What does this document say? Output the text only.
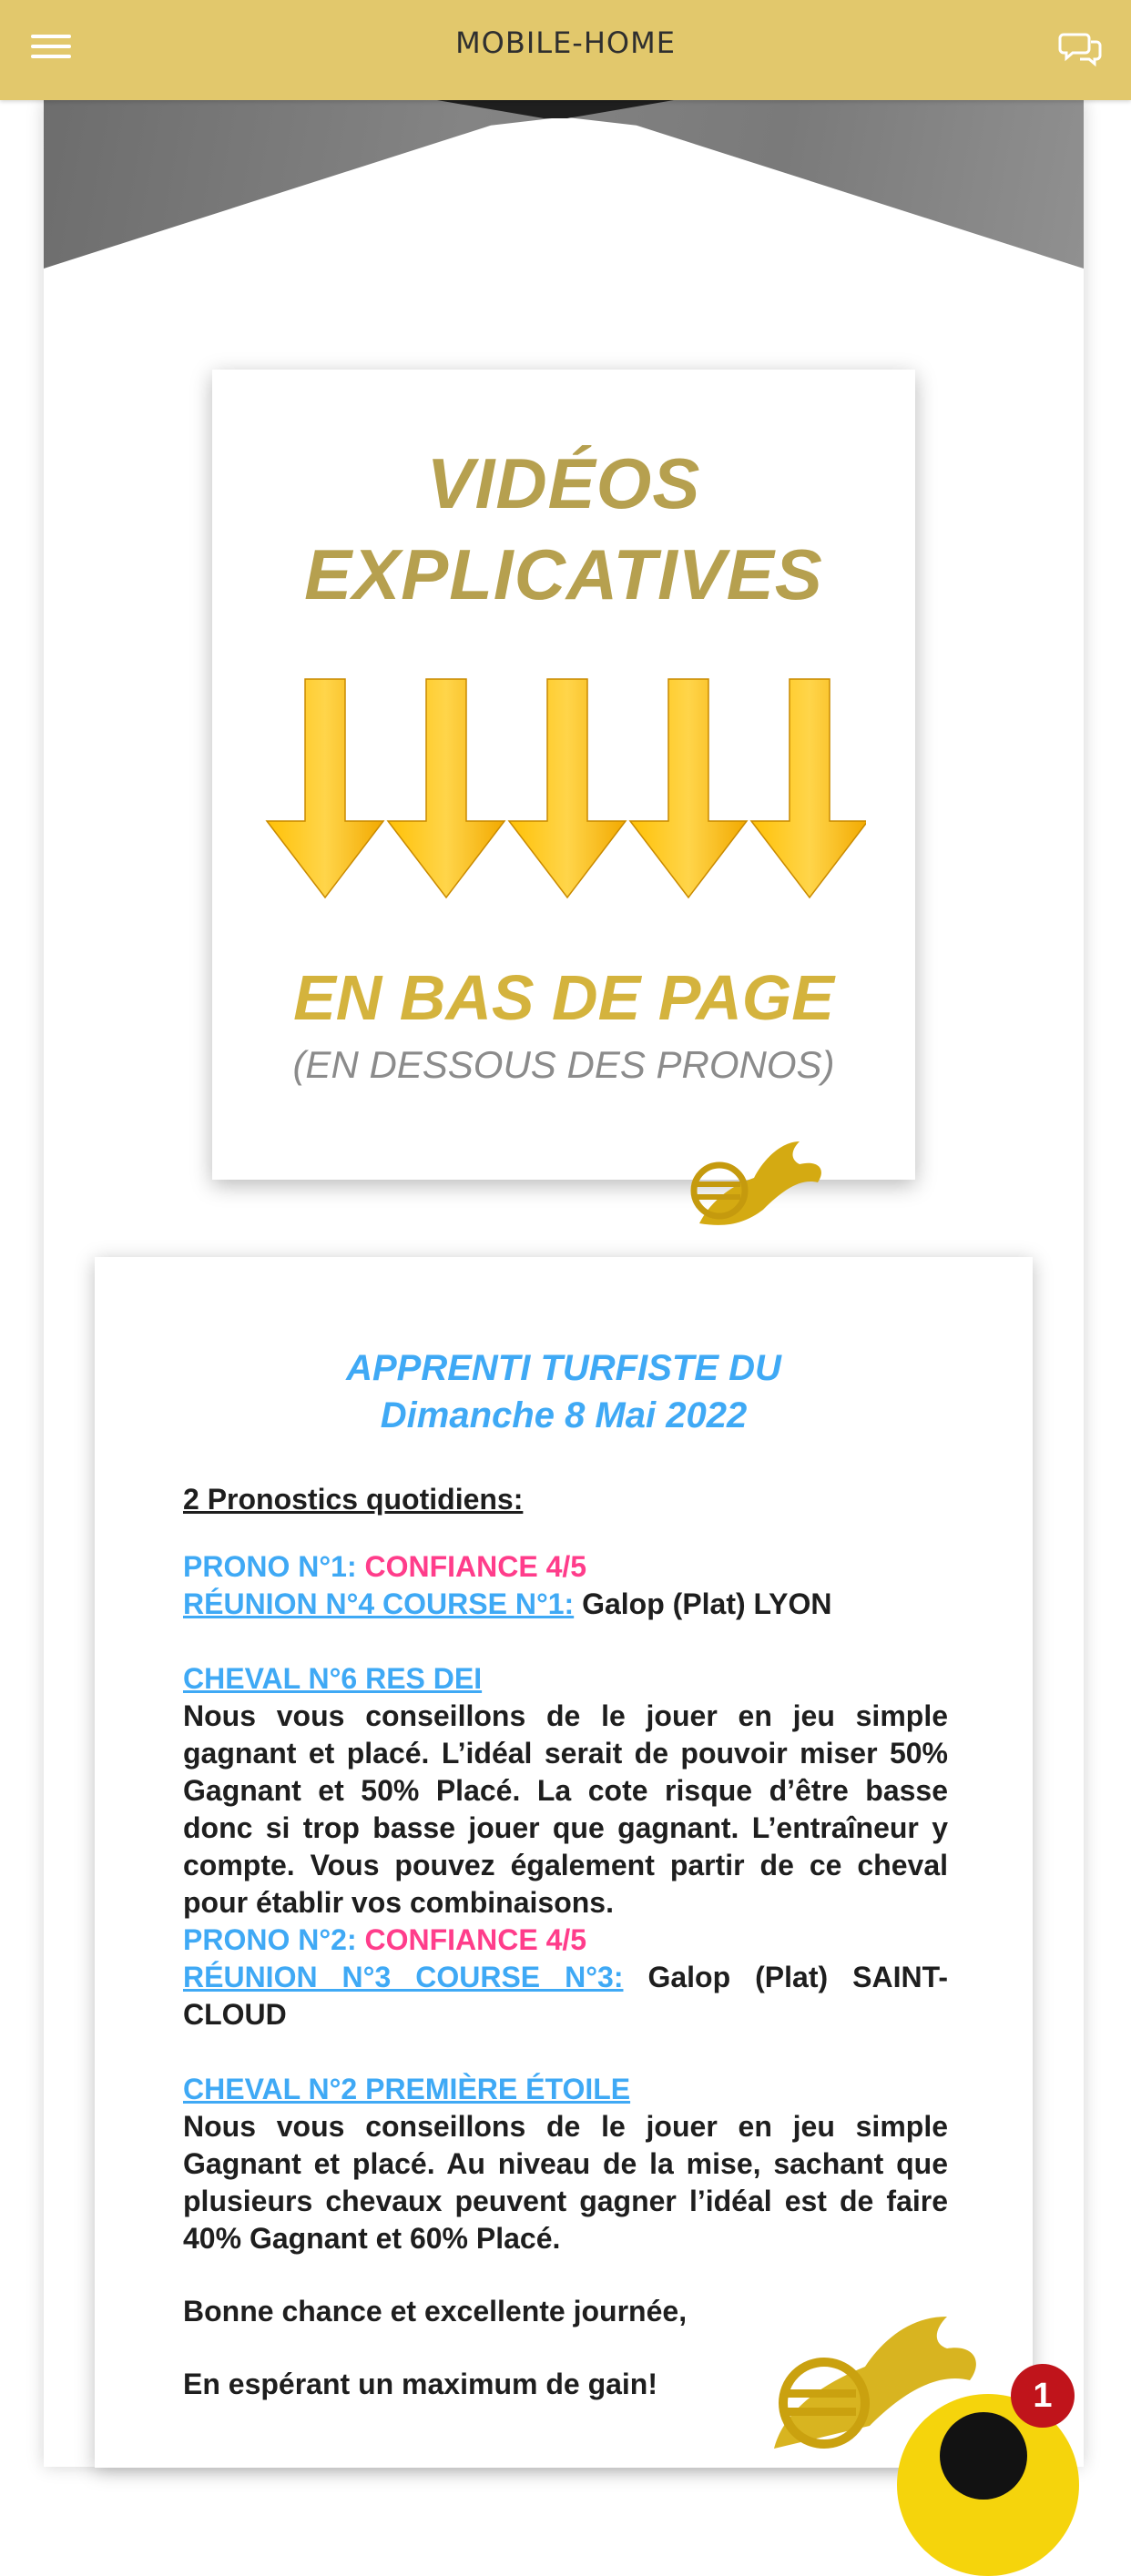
MOBILE-HOME
VIDÉOS
EXPLICATIVES
EN BAS DE PAGE
(EN DESSOUS DES PRONOS)
APPRENTI TURFISTE DU
Dimanche 8 Mai 2022
2 Pronostics quotidiens:
PRONO N°1: CONFIANCE 4/5
RÉUNION N°4 COURSE N°1: Galop (Plat) LYON
CHEVAL N°6 RES DEI
Nous vous conseillons de le jouer en jeu simple gagnant et placé. L’idéal serait de pouvoir miser 50% Gagnant et 50% Placé. La cote risque d’être basse donc si trop basse jouer que gagnant. L’entraîneur y compte. Vous pouvez également partir de ce cheval pour établir vos combinaisons.
PRONO N°2: CONFIANCE 4/5
RÉUNION N°3 COURSE N°3: Galop (Plat) SAINT-CLOUD
CHEVAL N°2 PREMIÈRE ÉTOILE
Nous vous conseillons de le jouer en jeu simple Gagnant et placé. Au niveau de la mise, sachant que plusieurs chevaux peuvent gagner l’idéal est de faire 40% Gagnant et 60% Placé.
Bonne chance et excellente journée,
En espérant un maximum de gain!	1
